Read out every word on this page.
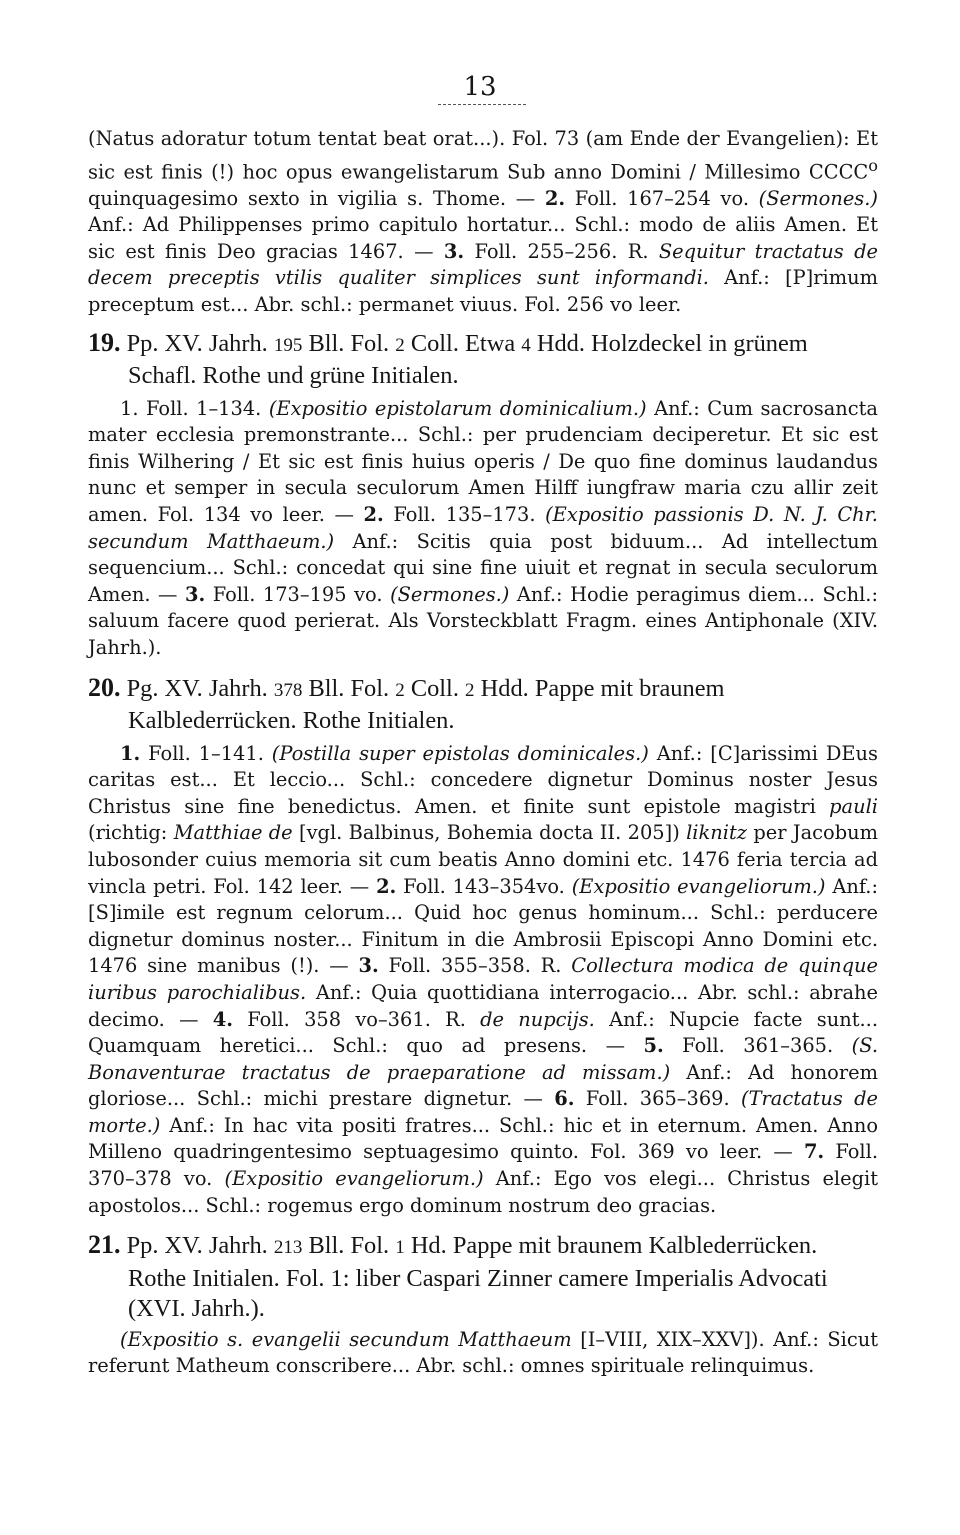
13

(Natus adoratur totum tentat beat orat...). Fol. 73 (am Ende der Evangelien): Et sic est finis (!) hoc opus ewangelistarum Sub anno Domini / Millesimo CCCC$^o$ quinquagesimo sexto in vigilia s. Thome. — 2. Foll. 167–254 vo. (Sermones.) Anf.: Ad Philippenses primo capitulo hortatur... Schl.: modo de aliis Amen. Et sic est finis Deo gracias 1467. — 3. Foll. 255–256. R. Sequitur tractatus de decem preceptis vtilis qualiter simplices sunt informandi. Anf.: [P]rimum preceptum est... Abr. schl.: permanet viuus. Fol. 256 vo leer.

19. Pp. XV. Jahrh. 195 Bll. Fol. 2 Coll. Etwa 4 Hdd. Holzdeckel in grünem Schafl. Rothe und grüne Initialen.

1. Foll. 1–134. (Expositio epistolarum dominicalium.) Anf.: Cum sacrosancta mater ecclesia premonstrante... Schl.: per prudenciam deciperetur. Et sic est finis Wilhering / Et sic est finis huius operis / De quo fine dominus laudandus nunc et semper in secula seculorum Amen Hilff iungfraw maria czu allir zeit amen. Fol. 134 vo leer. — 2. Foll. 135–173. (Expositio passionis D. N. J. Chr. secundum Matthaeum.) Anf.: Scitis quia post biduum... Ad intellectum sequencium... Schl.: concedat qui sine fine uiuit et regnat in secula seculorum Amen. — 3. Foll. 173–195 vo. (Sermones.) Anf.: Hodie peragimus diem... Schl.: saluum facere quod perierat. Als Vorsteckblatt Fragm. eines Antiphonale (XIV. Jahrh.).

20. Pg. XV. Jahrh. 378 Bll. Fol. 2 Coll. 2 Hdd. Pappe mit braunem Kalblederrücken. Rothe Initialen.

1. Foll. 1–141. (Postilla super epistolas dominicales.) Anf.: [C]arissimi DEus caritas est... Et leccio... Schl.: concedere dignetur Dominus noster Jesus Christus sine fine benedictus. Amen. et finite sunt epistole magistri pauli (richtig: Matthiae de [vgl. Balbinus, Bohemia docta II. 205]) liknitz per Jacobum lubosonder cuius memoria sit cum beatis Anno domini etc. 1476 feria tercia ad vincla petri. Fol. 142 leer. — 2. Foll. 143–354vo. (Expositio evangeliorum.) Anf.: [S]imile est regnum celorum... Quid hoc genus hominum... Schl.: perducere dignetur dominus noster... Finitum in die Ambrosii Episcopi Anno Domini etc. 1476 sine manibus (!). — 3. Foll. 355–358. R. Collectura modica de quinque iuribus parochialibus. Anf.: Quia quottidiana interrogacio... Abr. schl.: abrahe decimo. — 4. Foll. 358 vo–361. R. de nupcijs. Anf.: Nupcie facte sunt... Quamquam heretici... Schl.: quo ad presens. — 5. Foll. 361–365. (S. Bonaventurae tractatus de praeparatione ad missam.) Anf.: Ad honorem gloriose... Schl.: michi prestare dignetur. — 6. Foll. 365–369. (Tractatus de morte.) Anf.: In hac vita positi fratres... Schl.: hic et in eternum. Amen. Anno Milleno quadringentesimo septuagesimo quinto. Fol. 369 vo leer. — 7. Foll. 370–378 vo. (Expositio evangeliorum.) Anf.: Ego vos elegi... Christus elegit apostolos... Schl.: rogemus ergo dominum nostrum deo gracias.

21. Pp. XV. Jahrh. 213 Bll. Fol. 1 Hd. Pappe mit braunem Kalblederrücken. Rothe Initialen. Fol. 1: liber Caspari Zinner camere Imperialis Advocati (XVI. Jahrh.).

(Expositio s. evangelii secundum Matthaeum [I–VIII, XIX–XXV]). Anf.: Sicut referunt Matheum conscribere... Abr. schl.: omnes spirituale relinquimus.
